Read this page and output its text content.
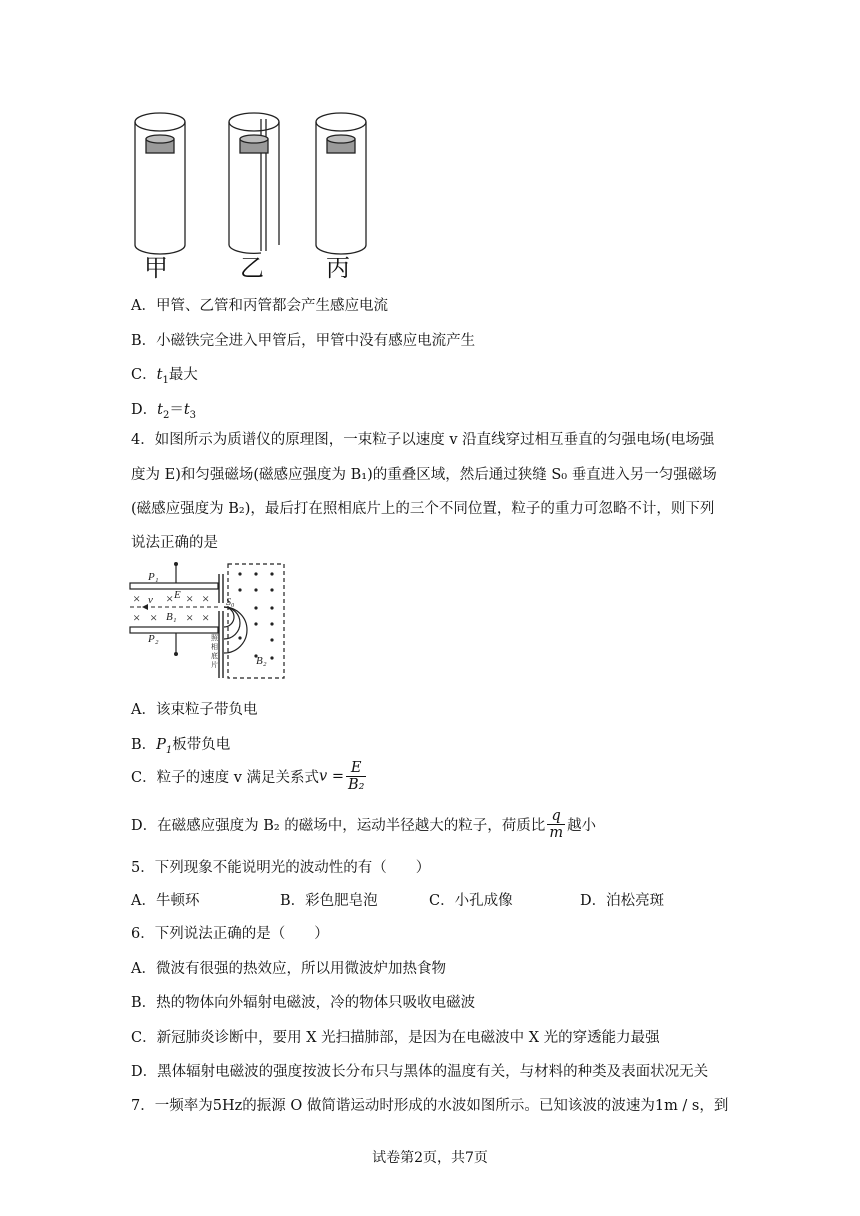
甲	乙	丙
A．甲管、乙管和丙管都会产生感应电流
B．小磁铁完全进入甲管后，甲管中没有感应电流产生
C．$t_1$最大
D．$t_2=t_3$
4．如图所示为质谱仪的原理图，一束粒子以速度 v 沿直线穿过相互垂直的匀强电场(电场强
度为 E)和匀强磁场(磁感应强度为 B₁)的重叠区域，然后通过狭缝 S₀ 垂直进入另一匀强磁场
(磁感应强度为 B₂)，最后打在照相底片上的三个不同位置，粒子的重力可忽略不计，则下列
说法正确的是
× × × ×
× × × ×
P₁
P₂
v E
B₁
S₀
B₂
照
相
底
片
A．该束粒子带负电
B．$P_1$板带负电
C．粒子的速度 v 满足关系式$v = \frac{E}{\text{B₂}}$
D．在磁感应强度为 B₂ 的磁场中，运动半径越大的粒子，荷质比 $\frac{q}{m}$ 越小
5．下列现象不能说明光的波动性的有（　　）
A．牛顿环	B．彩色肥皂泡	C．小孔成像	D．泊松亮斑
6．下列说法正确的是（　　）
A．微波有很强的热效应，所以用微波炉加热食物
B．热的物体向外辐射电磁波，冷的物体只吸收电磁波
C．新冠肺炎诊断中，要用 X 光扫描肺部，是因为在电磁波中 X 光的穿透能力最强
D．黑体辐射电磁波的强度按波长分布只与黑体的温度有关，与材料的种类及表面状况无关
7．一频率为5Hz的振源 O 做简谐运动时形成的水波如图所示。已知该波的波速为1m / s，到
试卷第2页，共7页
